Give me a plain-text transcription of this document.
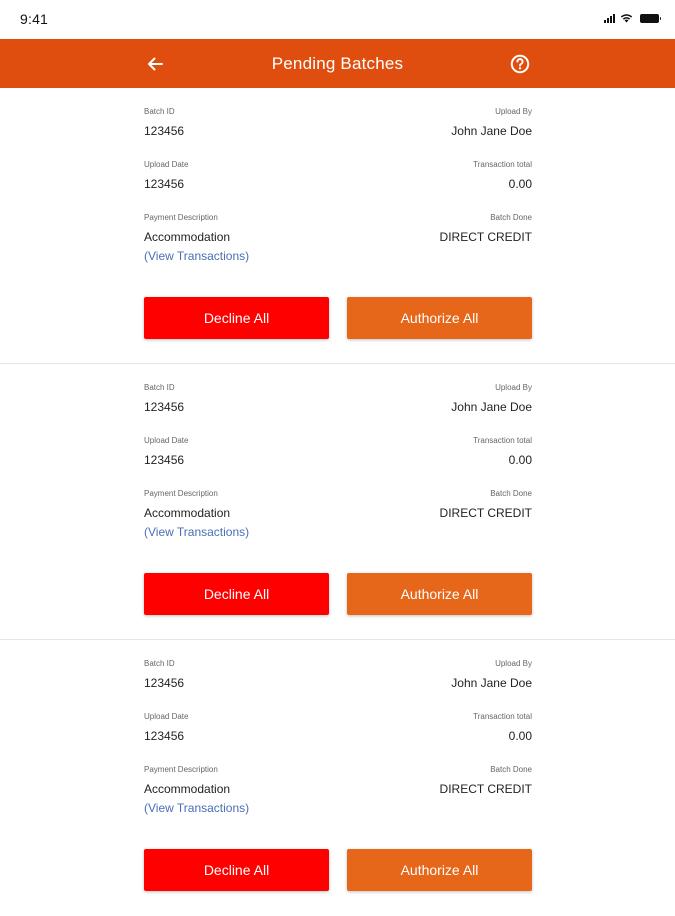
9:41
Pending Batches
Batch ID
123456
Upload By
John Jane Doe
Upload Date
123456
Transaction total
0.00
Payment Description
Accommodation
Batch Done
DIRECT CREDIT
(View Transactions)
Decline All	Authorize All
Batch ID
123456
Upload By
John Jane Doe
Upload Date
123456
Transaction total
0.00
Payment Description
Accommodation
Batch Done
DIRECT CREDIT
(View Transactions)
Decline All	Authorize All
Batch ID
123456
Upload By
John Jane Doe
Upload Date
123456
Transaction total
0.00
Payment Description
Accommodation
Batch Done
DIRECT CREDIT
(View Transactions)
Decline All	Authorize All
